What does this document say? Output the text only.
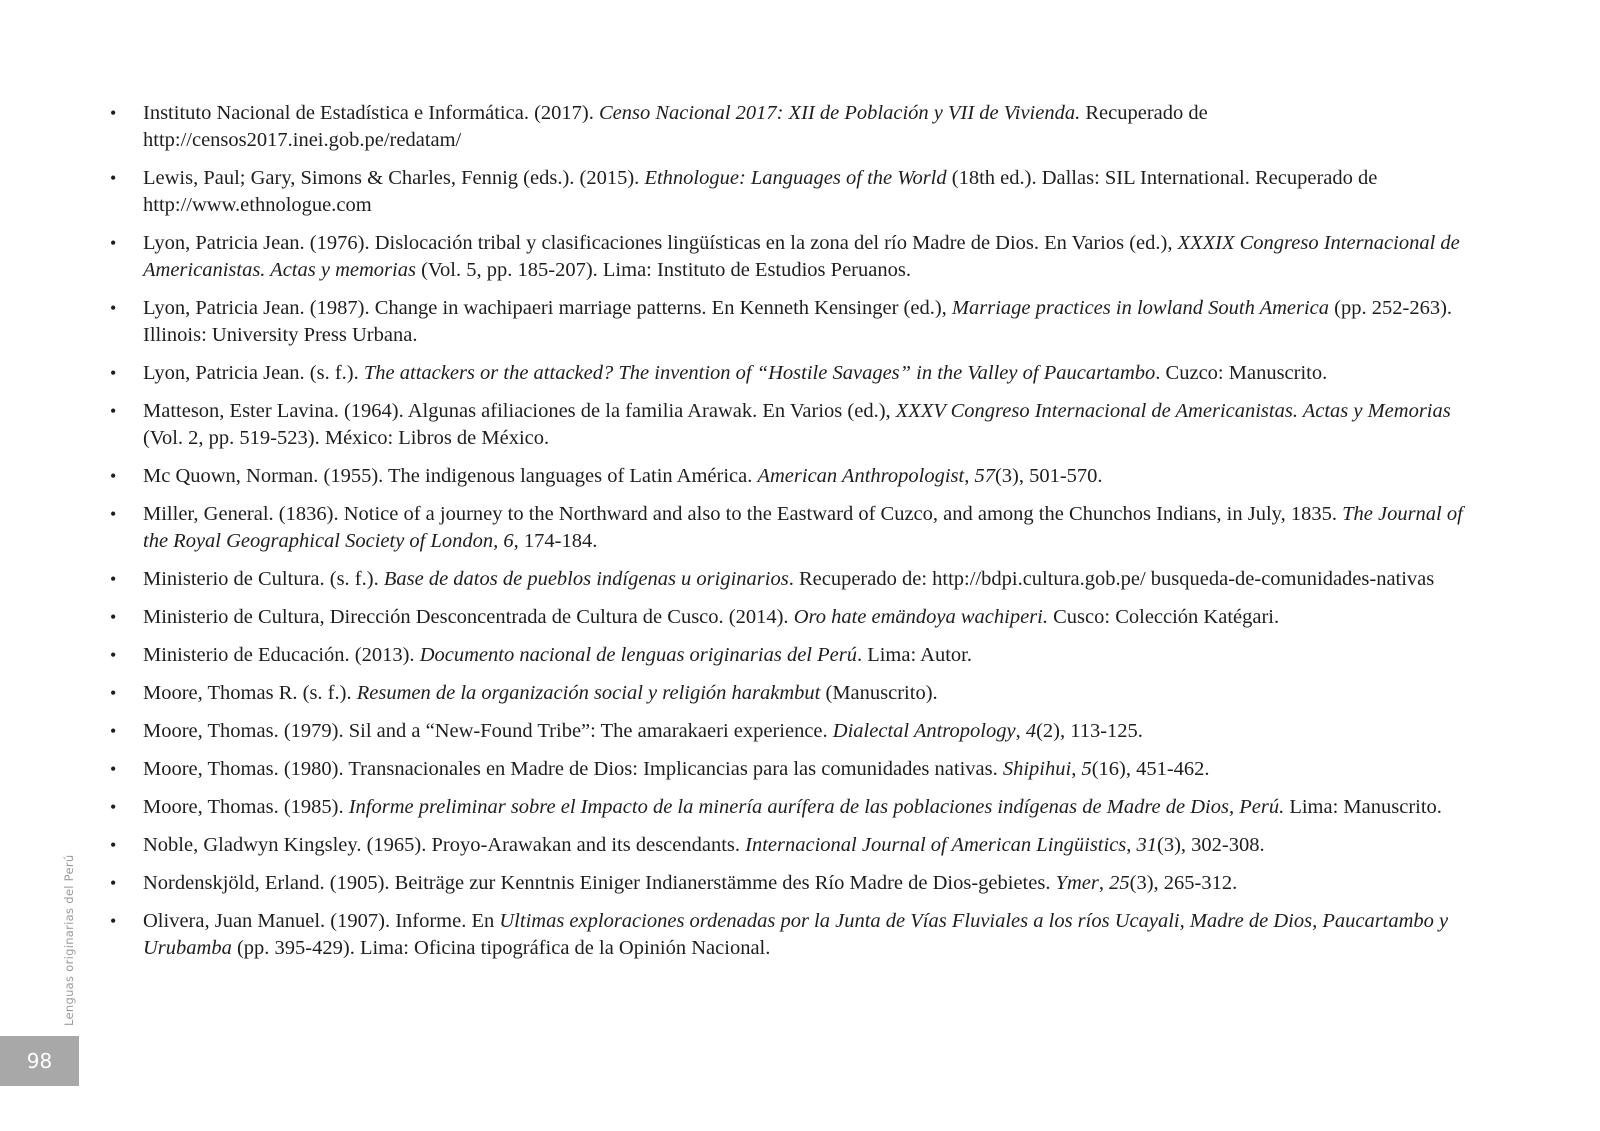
• Instituto Nacional de Estadística e Informática. (2017). Censo Nacional 2017: XII de Población y VII de Vivienda. Recuperado de http://censos2017.inei.gob.pe/redatam/
• Lewis, Paul; Gary, Simons & Charles, Fennig (eds.). (2015). Ethnologue: Languages of the World (18th ed.). Dallas: SIL International. Recuperado de http://www.ethnologue.com
• Lyon, Patricia Jean. (1976). Dislocación tribal y clasificaciones lingüísticas en la zona del río Madre de Dios. En Varios (ed.), XXXIX Congreso Internacional de Americanistas. Actas y memorias (Vol. 5, pp. 185-207). Lima: Instituto de Estudios Peruanos.
• Lyon, Patricia Jean. (1987). Change in wachipaeri marriage patterns. En Kenneth Kensinger (ed.), Marriage practices in lowland South America (pp. 252-263). Illinois: University Press Urbana.
• Lyon, Patricia Jean. (s. f.). The attackers or the attacked? The invention of “Hostile Savages” in the Valley of Paucartambo. Cuzco: Manuscrito.
• Matteson, Ester Lavina. (1964). Algunas afiliaciones de la familia Arawak. En Varios (ed.), XXXV Congreso Internacional de Americanistas. Actas y Memorias (Vol. 2, pp. 519-523). México: Libros de México.
• Mc Quown, Norman. (1955). The indigenous languages of Latin América. American Anthropologist, 57(3), 501-570.
• Miller, General. (1836). Notice of a journey to the Northward and also to the Eastward of Cuzco, and among the Chunchos Indians, in July, 1835. The Journal of the Royal Geographical Society of London, 6, 174-184.
• Ministerio de Cultura. (s. f.). Base de datos de pueblos indígenas u originarios. Recuperado de: http://bdpi.cultura.gob.pe/ busqueda-de-comunidades-nativas
• Ministerio de Cultura, Dirección Desconcentrada de Cultura de Cusco. (2014). Oro hate emändoya wachiperi. Cusco: Colección Katégari.
• Ministerio de Educación. (2013). Documento nacional de lenguas originarias del Perú. Lima: Autor.
• Moore, Thomas R. (s. f.). Resumen de la organización social y religión harakmbut (Manuscrito).
• Moore, Thomas. (1979). Sil and a “New-Found Tribe”: The amarakaeri experience. Dialectal Antropology, 4(2), 113-125.
• Moore, Thomas. (1980). Transnacionales en Madre de Dios: Implicancias para las comunidades nativas. Shipihui, 5(16), 451-462.
• Moore, Thomas. (1985). Informe preliminar sobre el Impacto de la minería aurífera de las poblaciones indígenas de Madre de Dios, Perú. Lima: Manuscrito.
• Noble, Gladwyn Kingsley. (1965). Proyo-Arawakan and its descendants. Internacional Journal of American Lingüistics, 31(3), 302-308.
• Nordenskjöld, Erland. (1905). Beiträge zur Kenntnis Einiger Indianerstämme des Río Madre de Dios-gebietes. Ymer, 25(3), 265-312.
• Olivera, Juan Manuel. (1907). Informe. En Ultimas exploraciones ordenadas por la Junta de Vías Fluviales a los ríos Ucayali, Madre de Dios, Paucartambo y Urubamba (pp. 395-429). Lima: Oficina tipográfica de la Opinión Nacional.
Lenguas originarias del Perú
98
